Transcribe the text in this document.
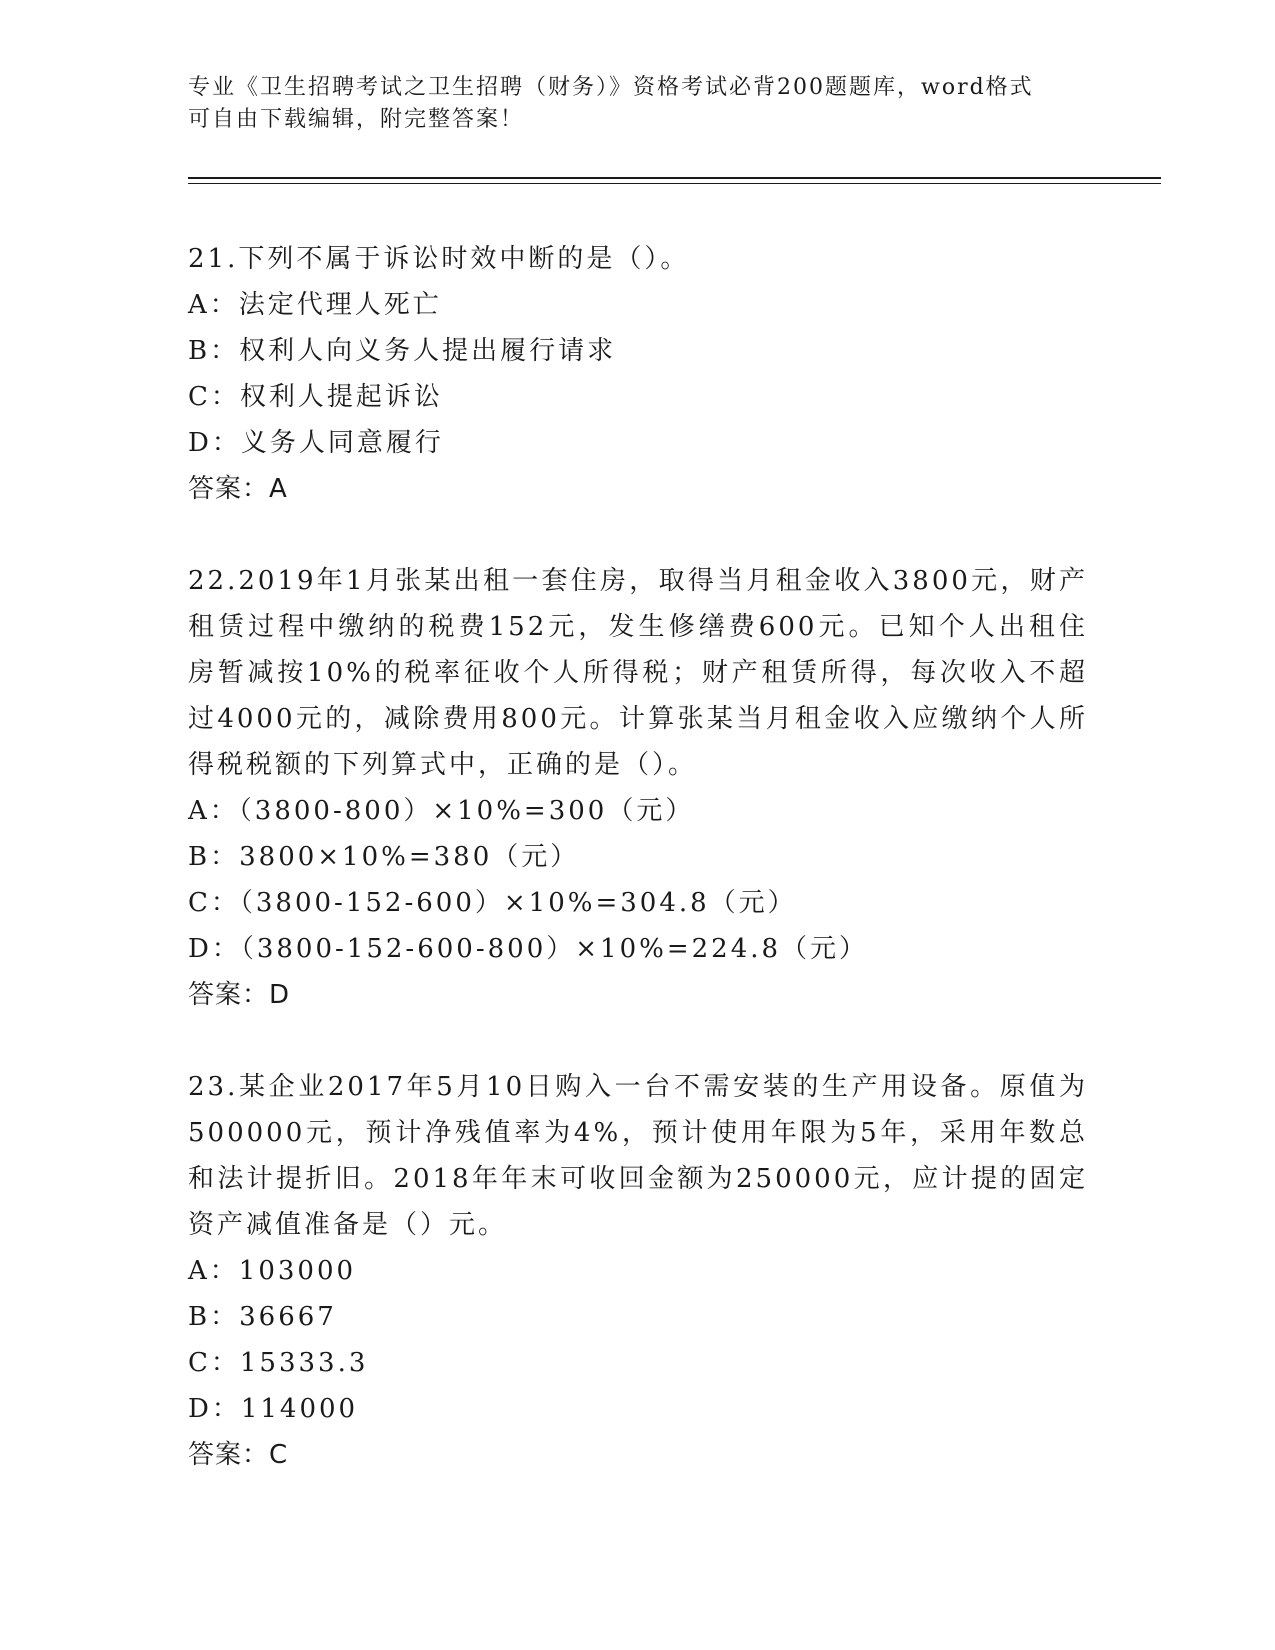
专业《卫生招聘考试之卫生招聘（财务）》资格考试必背200题题库，word格式
可自由下载编辑，附完整答案！

21.下列不属于诉讼时效中断的是（）。

A：法定代理人死亡

B：权利人向义务人提出履行请求

C：权利人提起诉讼

D：义务人同意履行

答案：A

22.2019年1月张某出租一套住房，取得当月租金收入3800元，财产租赁过程中缴纳的税费152元，发生修缮费600元。已知个人出租住房暂减按10%的税率征收个人所得税；财产租赁所得，每次收入不超过4000元的，减除费用800元。计算张某当月租金收入应缴纳个人所得税税额的下列算式中，正确的是（）。

A：（3800-800）×10%=300（元）

B：3800×10%=380（元）

C：（3800-152-600）×10%=304.8（元）

D：（3800-152-600-800）×10%=224.8（元）

答案：D

23.某企业2017年5月10日购入一台不需安装的生产用设备。原值为500000元，预计净残值率为4%，预计使用年限为5年，采用年数总和法计提折旧。2018年年末可收回金额为250000元，应计提的固定资产减值准备是（）元。

A：103000

B：36667

C：15333.3

D：114000

答案：C
